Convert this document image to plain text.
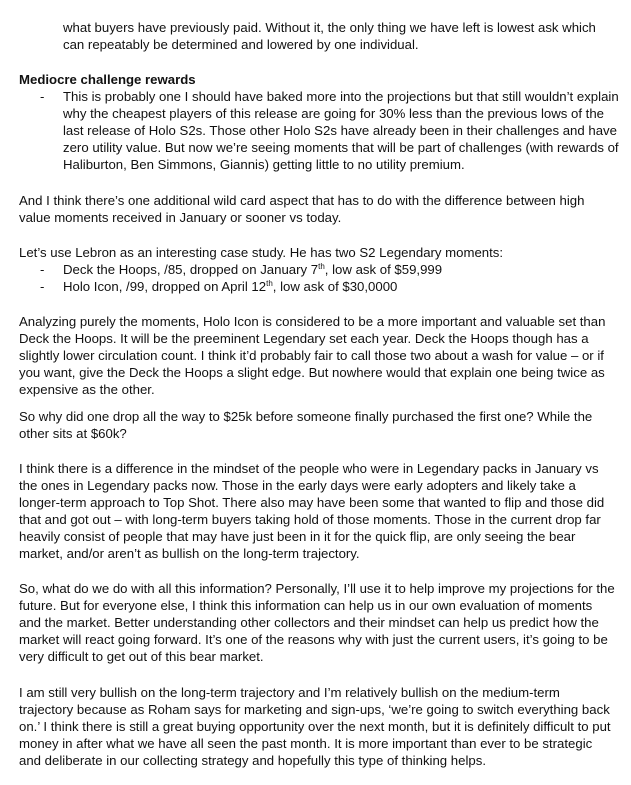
what buyers have previously paid. Without it, the only thing we have left is lowest ask which can repeatably be determined and lowered by one individual.

Mediocre challenge rewards

- This is probably one I should have baked more into the projections but that still wouldn’t explain why the cheapest players of this release are going for 30% less than the previous lows of the last release of Holo S2s. Those other Holo S2s have already been in their challenges and have zero utility value. But now we’re seeing moments that will be part of challenges (with rewards of Haliburton, Ben Simmons, Giannis) getting little to no utility premium.

And I think there’s one additional wild card aspect that has to do with the difference between high value moments received in January or sooner vs today.

Let’s use Lebron as an interesting case study. He has two S2 Legendary moments:

- Deck the Hoops, /85, dropped on January 7th, low ask of $59,999
- Holo Icon, /99, dropped on April 12th, low ask of $30,0000

Analyzing purely the moments, Holo Icon is considered to be a more important and valuable set than Deck the Hoops. It will be the preeminent Legendary set each year. Deck the Hoops though has a slightly lower circulation count. I think it’d probably fair to call those two about a wash for value – or if you want, give the Deck the Hoops a slight edge. But nowhere would that explain one being twice as expensive as the other.

So why did one drop all the way to $25k before someone finally purchased the first one? While the other sits at $60k?

I think there is a difference in the mindset of the people who were in Legendary packs in January vs the ones in Legendary packs now. Those in the early days were early adopters and likely take a longer-term approach to Top Shot. There also may have been some that wanted to flip and those did that and got out – with long-term buyers taking hold of those moments. Those in the current drop far heavily consist of people that may have just been in it for the quick flip, are only seeing the bear market, and/or aren’t as bullish on the long-term trajectory.

So, what do we do with all this information? Personally, I’ll use it to help improve my projections for the future. But for everyone else, I think this information can help us in our own evaluation of moments and the market. Better understanding other collectors and their mindset can help us predict how the market will react going forward. It’s one of the reasons why with just the current users, it’s going to be very difficult to get out of this bear market.

I am still very bullish on the long-term trajectory and I’m relatively bullish on the medium-term trajectory because as Roham says for marketing and sign-ups, ‘we’re going to switch everything back on.’ I think there is still a great buying opportunity over the next month, but it is definitely difficult to put money in after what we have all seen the past month. It is more important than ever to be strategic and deliberate in our collecting strategy and hopefully this type of thinking helps.
